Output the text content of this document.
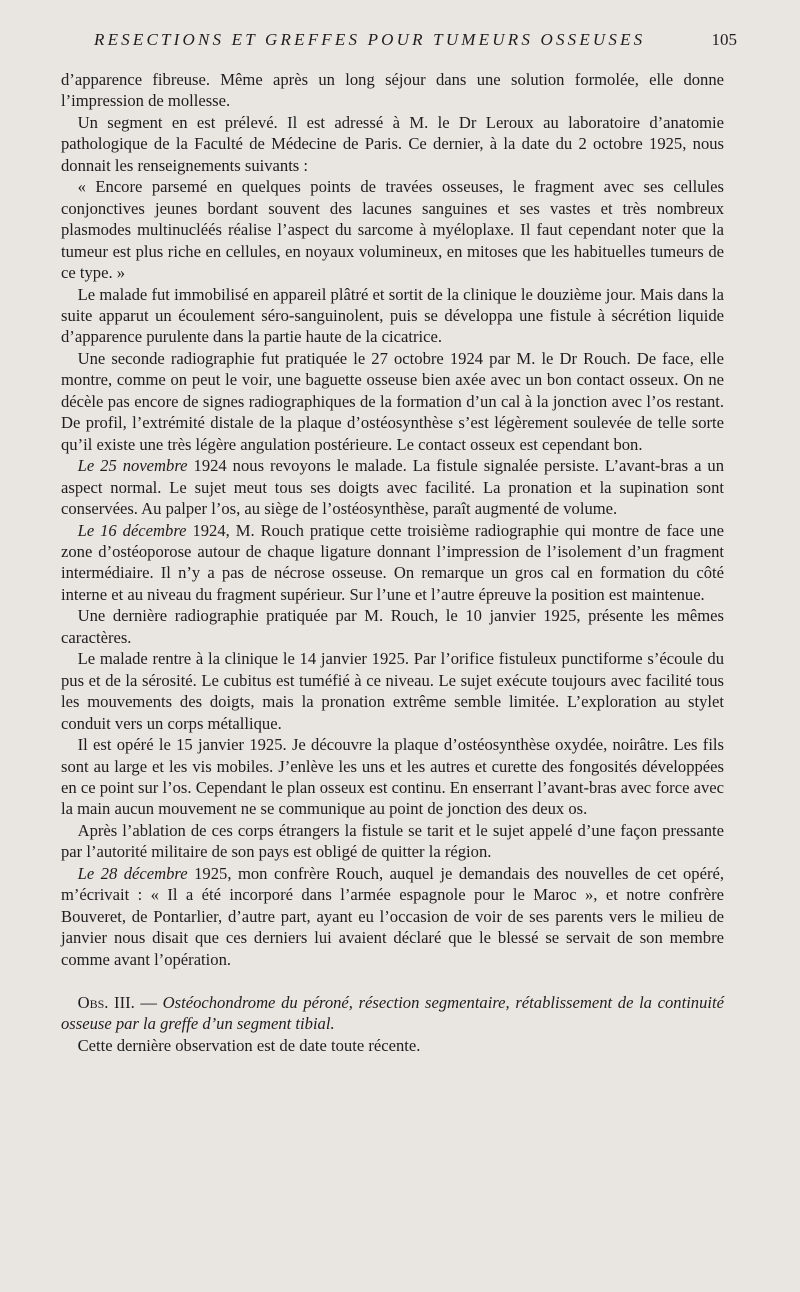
RESECTIONS ET GREFFES POUR TUMEURS OSSEUSES	105

d’apparence fibreuse. Même après un long séjour dans une solution formolée, elle donne l’impression de mollesse.

 Un segment en est prélevé. Il est adressé à M. le Dr Leroux au laboratoire d’anatomie pathologique de la Faculté de Médecine de Paris. Ce dernier, à la date du 2 octobre 1925, nous donnait les renseignements suivants :

 « Encore parsemé en quelques points de travées osseuses, le fragment avec ses cellules conjonctives jeunes bordant souvent des lacunes sanguines et ses vastes et très nombreux plasmodes multinucléés réalise l’aspect du sarcome à myéloplaxe. Il faut cependant noter que la tumeur est plus riche en cellules, en noyaux volumineux, en mitoses que les habituelles tumeurs de ce type. »

 Le malade fut immobilisé en appareil plâtré et sortit de la clinique le douzième jour. Mais dans la suite apparut un écoulement séro-sanguinolent, puis se développa une fistule à sécrétion liquide d’apparence purulente dans la partie haute de la cicatrice.

 Une seconde radiographie fut pratiquée le 27 octobre 1924 par M. le Dr Rouch. De face, elle montre, comme on peut le voir, une baguette osseuse bien axée avec un bon contact osseux. On ne décèle pas encore de signes radiographiques de la formation d’un cal à la jonction avec l’os restant. De profil, l’extrémité distale de la plaque d’ostéosynthèse s’est légèrement soulevée de telle sorte qu’il existe une très légère angulation postérieure. Le contact osseux est cependant bon.

 Le 25 novembre 1924 nous revoyons le malade. La fistule signalée persiste. L’avant-bras a un aspect normal. Le sujet meut tous ses doigts avec facilité. La pronation et la supination sont conservées. Au palper l’os, au siège de l’ostéosynthèse, paraît augmenté de volume.

 Le 16 décembre 1924, M. Rouch pratique cette troisième radiographie qui montre de face une zone d’ostéoporose autour de chaque ligature donnant l’impression de l’isolement d’un fragment intermédiaire. Il n’y a pas de nécrose osseuse. On remarque un gros cal en formation du côté interne et au niveau du fragment supérieur. Sur l’une et l’autre épreuve la position est maintenue.

 Une dernière radiographie pratiquée par M. Rouch, le 10 janvier 1925, présente les mêmes caractères.

 Le malade rentre à la clinique le 14 janvier 1925. Par l’orifice fistuleux punctiforme s’écoule du pus et de la sérosité. Le cubitus est tuméfié à ce niveau. Le sujet exécute toujours avec facilité tous les mouvements des doigts, mais la pronation extrême semble limitée. L’exploration au stylet conduit vers un corps métallique.

 Il est opéré le 15 janvier 1925. Je découvre la plaque d’ostéosynthèse oxydée, noirâtre. Les fils sont au large et les vis mobiles. J’enlève les uns et les autres et curette des fongosités développées en ce point sur l’os. Cependant le plan osseux est continu. En enserrant l’avant-bras avec force avec la main aucun mouvement ne se communique au point de jonction des deux os.

 Après l’ablation de ces corps étrangers la fistule se tarit et le sujet appelé d’une façon pressante par l’autorité militaire de son pays est obligé de quitter la région.

 Le 28 décembre 1925, mon confrère Rouch, auquel je demandais des nouvelles de cet opéré, m’écrivait : « Il a été incorporé dans l’armée espagnole pour le Maroc », et notre confrère Bouveret, de Pontarlier, d’autre part, ayant eu l’occasion de voir de ses parents vers le milieu de janvier nous disait que ces derniers lui avaient déclaré que le blessé se servait de son membre comme avant l’opération.

 Obs. III. — Ostéochondrome du péroné, résection segmentaire, rétablissement de la continuité osseuse par la greffe d’un segment tibial.

 Cette dernière observation est de date toute récente.
